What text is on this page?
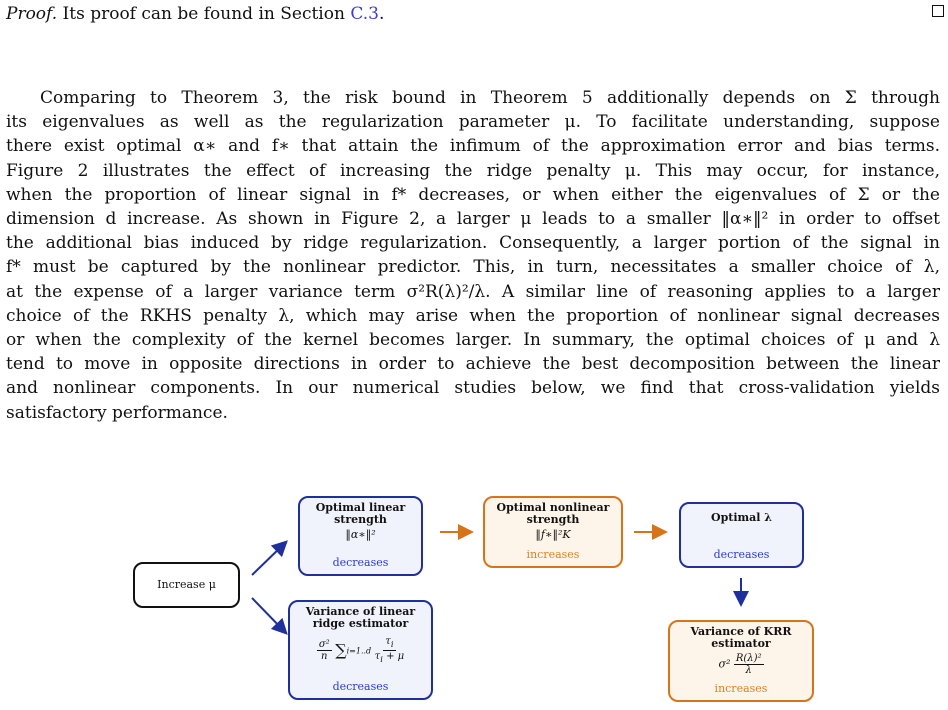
Proof. Its proof can be found in Section C.3.
Comparing to Theorem 3, the risk bound in Theorem 5 additionally depends on Σ through
its eigenvalues as well as the regularization parameter μ. To facilitate understanding, suppose
there exist optimal α∗ and f∗ that attain the infimum of the approximation error and bias terms.
Figure 2 illustrates the effect of increasing the ridge penalty μ. This may occur, for instance,
when the proportion of linear signal in f* decreases, or when either the eigenvalues of Σ or the
dimension d increase. As shown in Figure 2, a larger μ leads to a smaller ‖α∗‖² in order to offset
the additional bias induced by ridge regularization. Consequently, a larger portion of the signal in
f* must be captured by the nonlinear predictor. This, in turn, necessitates a smaller choice of λ,
at the expense of a larger variance term σ²R(λ)²/λ. A similar line of reasoning applies to a larger
choice of the RKHS penalty λ, which may arise when the proportion of nonlinear signal decreases
or when the complexity of the kernel becomes larger. In summary, the optimal choices of μ and λ
tend to move in opposite directions in order to achieve the best decomposition between the linear
and nonlinear components. In our numerical studies below, we find that cross-validation yields
satisfactory performance.
Increase μ
Optimal linear
strength
‖α∗‖²
decreases
Optimal nonlinear
strength
‖f∗‖²K
increases
Optimal λ
decreases
Variance of linear
ridge estimator
$\frac{\text{σ²}}{n} \sum i=1..d \frac{\tau_i}{\tau_i + \mu}$
decreases
Variance of KRR
estimator
$\sigma^2 \frac{\text{R(λ)²}}{\lambda}$
increases
